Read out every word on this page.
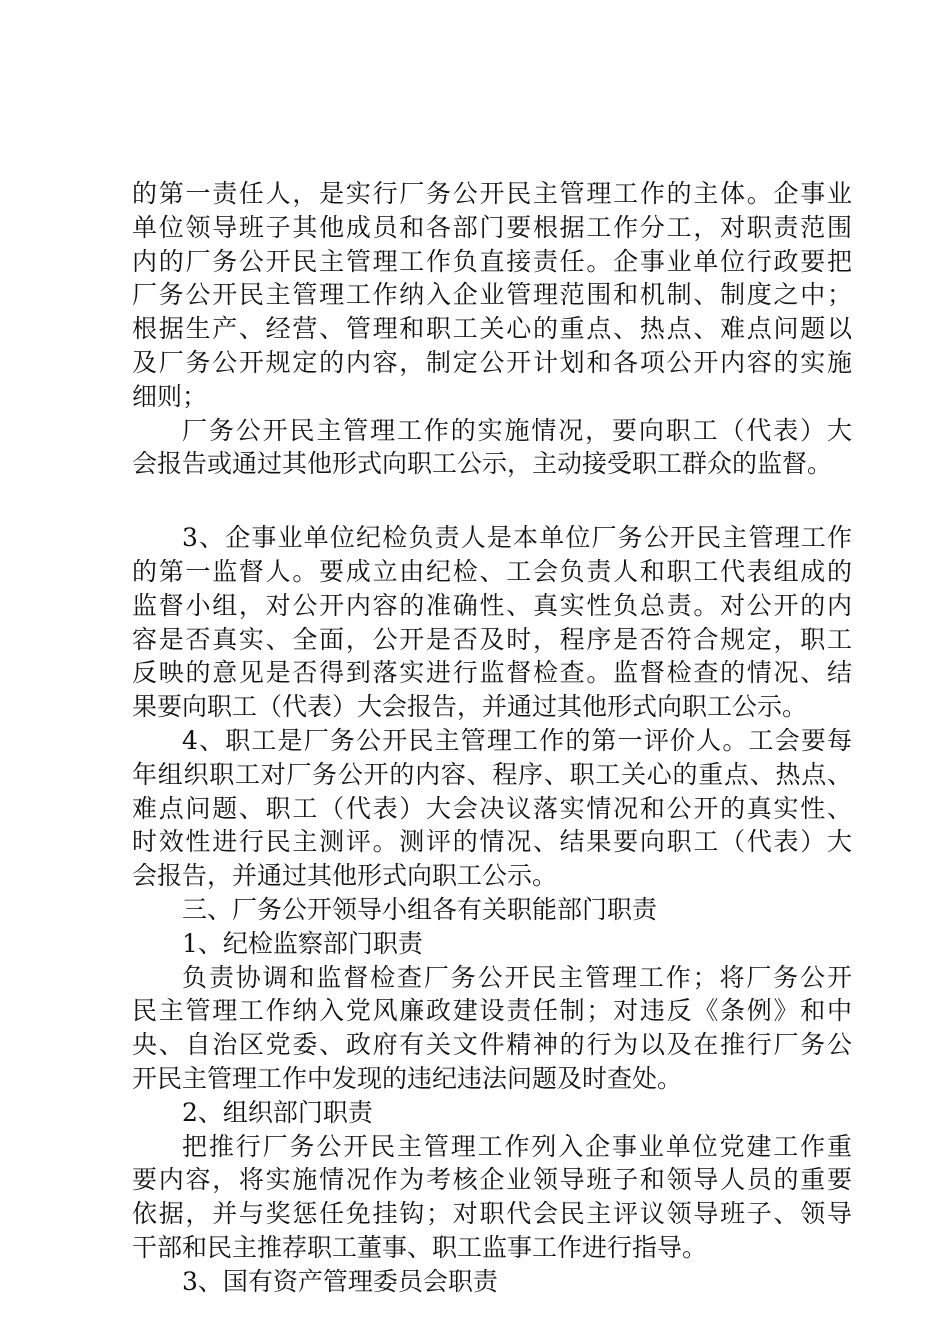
的第一责任人，是实行厂务公开民主管理工作的主体。企事业
单位领导班子其他成员和各部门要根据工作分工，对职责范围
内的厂务公开民主管理工作负直接责任。企事业单位行政要把
厂务公开民主管理工作纳入企业管理范围和机制、制度之中；
根据生产、经营、管理和职工关心的重点、热点、难点问题以
及厂务公开规定的内容，制定公开计划和各项公开内容的实施
细则；
厂务公开民主管理工作的实施情况，要向职工（代表）大
会报告或通过其他形式向职工公示，主动接受职工群众的监督。
3、企事业单位纪检负责人是本单位厂务公开民主管理工作
的第一监督人。要成立由纪检、工会负责人和职工代表组成的
监督小组，对公开内容的准确性、真实性负总责。对公开的内
容是否真实、全面，公开是否及时，程序是否符合规定，职工
反映的意见是否得到落实进行监督检查。监督检查的情况、结
果要向职工（代表）大会报告，并通过其他形式向职工公示。
4、职工是厂务公开民主管理工作的第一评价人。工会要每
年组织职工对厂务公开的内容、程序、职工关心的重点、热点、
难点问题、职工（代表）大会决议落实情况和公开的真实性、
时效性进行民主测评。测评的情况、结果要向职工（代表）大
会报告，并通过其他形式向职工公示。
三、厂务公开领导小组各有关职能部门职责
1、纪检监察部门职责
负责协调和监督检查厂务公开民主管理工作；将厂务公开
民主管理工作纳入党风廉政建设责任制；对违反《条例》和中
央、自治区党委、政府有关文件精神的行为以及在推行厂务公
开民主管理工作中发现的违纪违法问题及时查处。
2、组织部门职责
把推行厂务公开民主管理工作列入企事业单位党建工作重
要内容，将实施情况作为考核企业领导班子和领导人员的重要
依据，并与奖惩任免挂钩；对职代会民主评议领导班子、领导
干部和民主推荐职工董事、职工监事工作进行指导。
3、国有资产管理委员会职责
